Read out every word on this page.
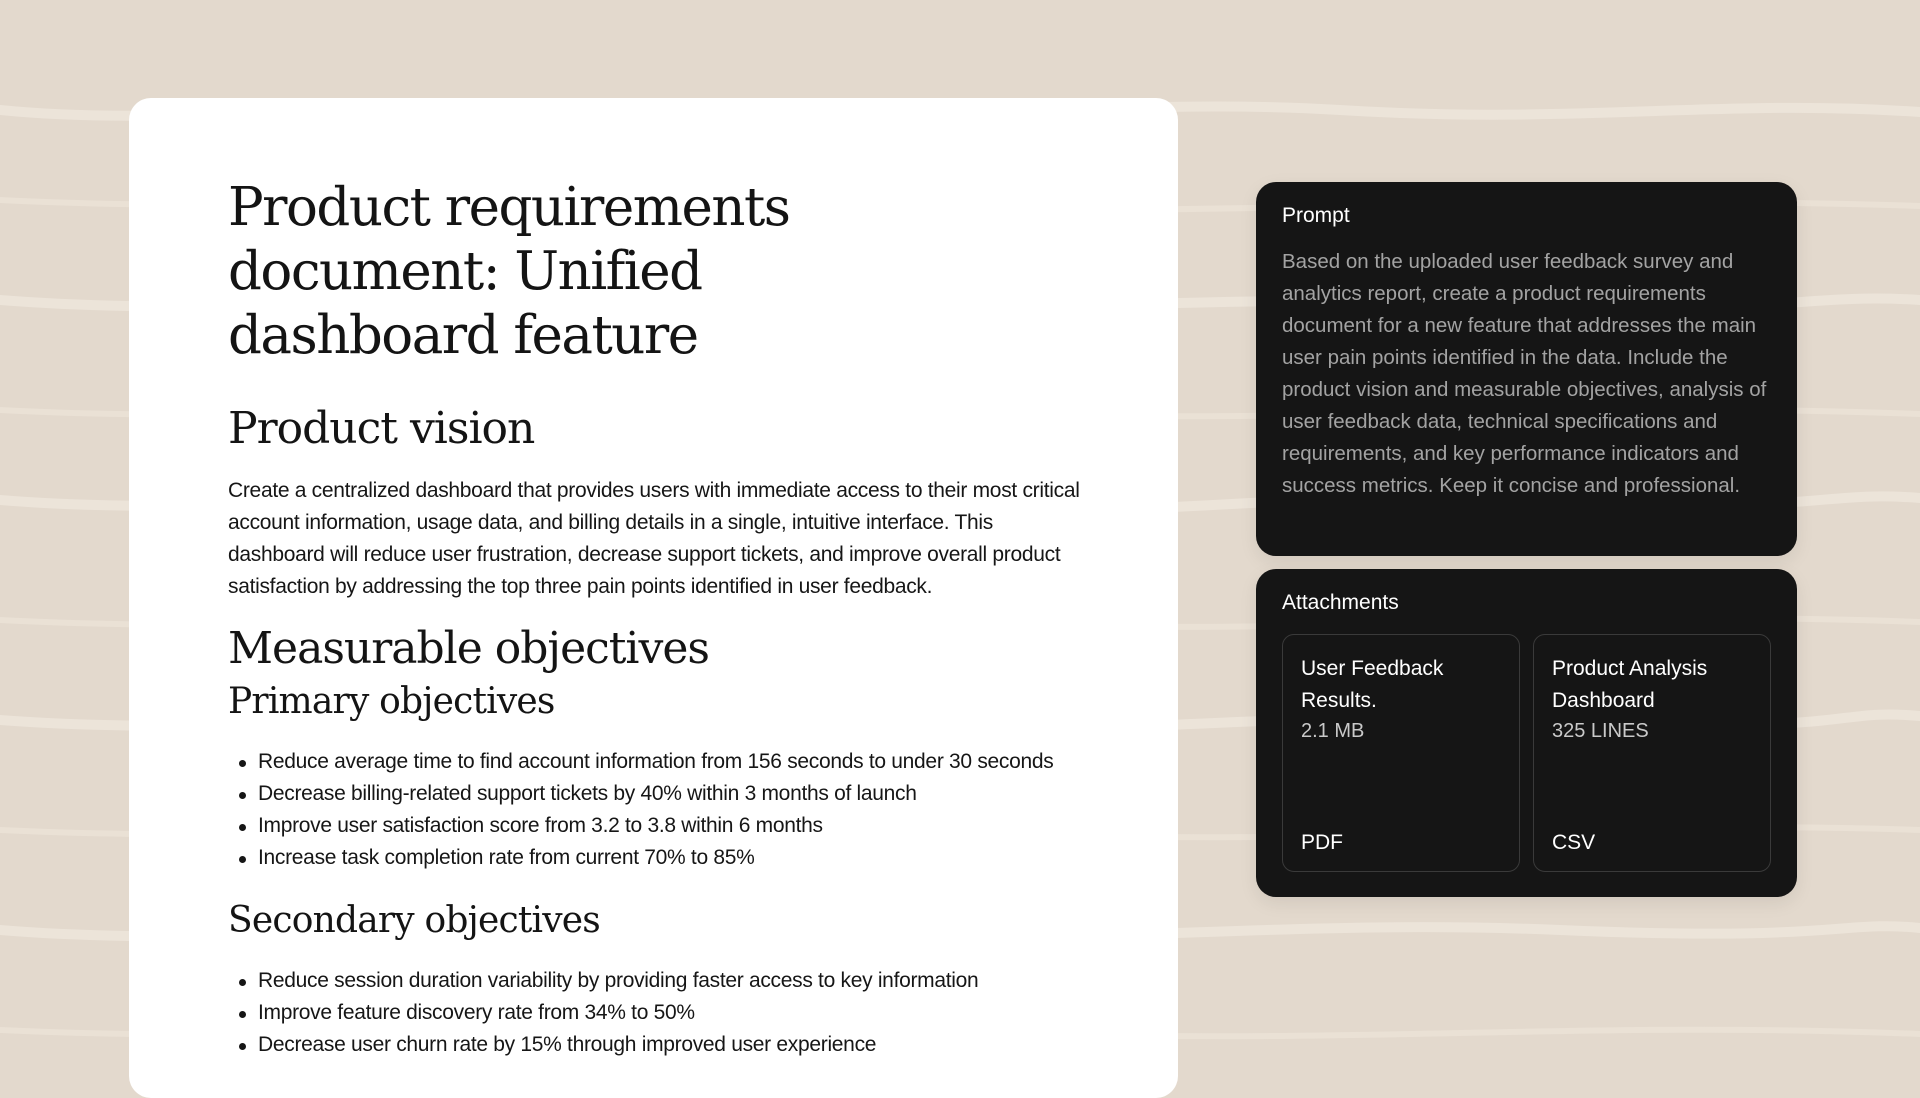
Product requirements document: Unified dashboard feature
Product vision

Create a centralized dashboard that provides users with immediate access to their most critical account information, usage data, and billing details in a single, intuitive interface. This dashboard will reduce user frustration, decrease support tickets, and improve overall product satisfaction by addressing the top three pain points identified in user feedback.

Measurable objectives
Primary objectives
Reduce average time to find account information from 156 seconds to under 30 seconds
Decrease billing-related support tickets by 40% within 3 months of launch
Improve user satisfaction score from 3.2 to 3.8 within 6 months
Increase task completion rate from current 70% to 85%
Secondary objectives
Reduce session duration variability by providing faster access to key information
Improve feature discovery rate from 34% to 50%
Decrease user churn rate by 15% through improved user experience

Prompt

Based on the uploaded user feedback survey and analytics report, create a product requirements document for a new feature that addresses the main user pain points identified in the data. Include the product vision and measurable objectives, analysis of user feedback data, technical specifications and requirements, and key performance indicators and success metrics. Keep it concise and professional.

Attachments

User Feedback Results.

2.1 MB

PDF

Product Analysis Dashboard

325 LINES

CSV
